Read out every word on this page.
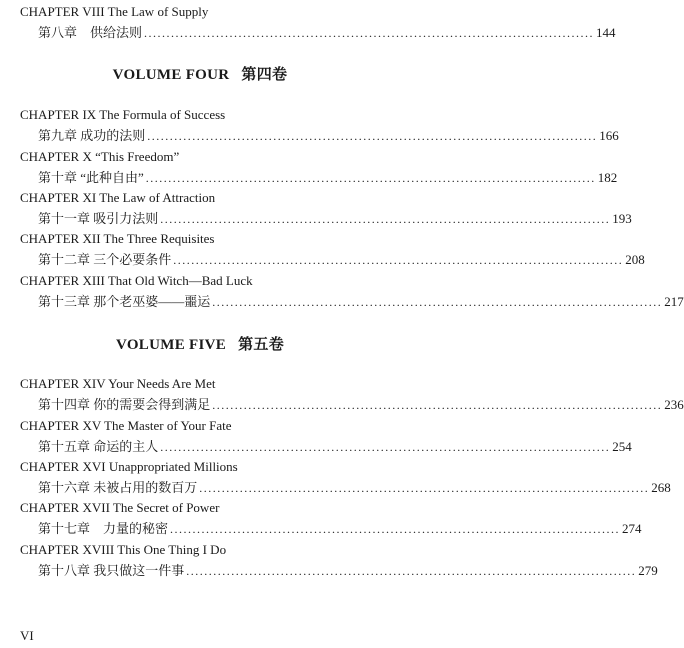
CHAPTER VIII The Law of Supply
第八章　供给法则 .................................................................................................... 144
VOLUME FOUR 第四卷
CHAPTER IX The Formula of Success
第九章 成功的法则 .................................................................................................... 166
CHAPTER X “This Freedom”
第十章 “此种自由” .................................................................................................... 182
CHAPTER XI The Law of Attraction
第十一章 吸引力法则 .................................................................................................... 193
CHAPTER XII The Three Requisites
第十二章 三个必要条件 .................................................................................................... 208
CHAPTER XIII That Old Witch—Bad Luck
第十三章 那个老巫婆——噩运 .................................................................................................... 217
VOLUME FIVE 第五卷
CHAPTER XIV Your Needs Are Met
第十四章 你的需要会得到满足 .................................................................................................... 236
CHAPTER XV The Master of Your Fate
第十五章 命运的主人 .................................................................................................... 254
CHAPTER XVI Unappropriated Millions
第十六章 未被占用的数百万 .................................................................................................... 268
CHAPTER XVII The Secret of Power
第十七章　力量的秘密 .................................................................................................... 274
CHAPTER XVIII This One Thing I Do
第十八章 我只做这一件事 .................................................................................................... 279
VI
